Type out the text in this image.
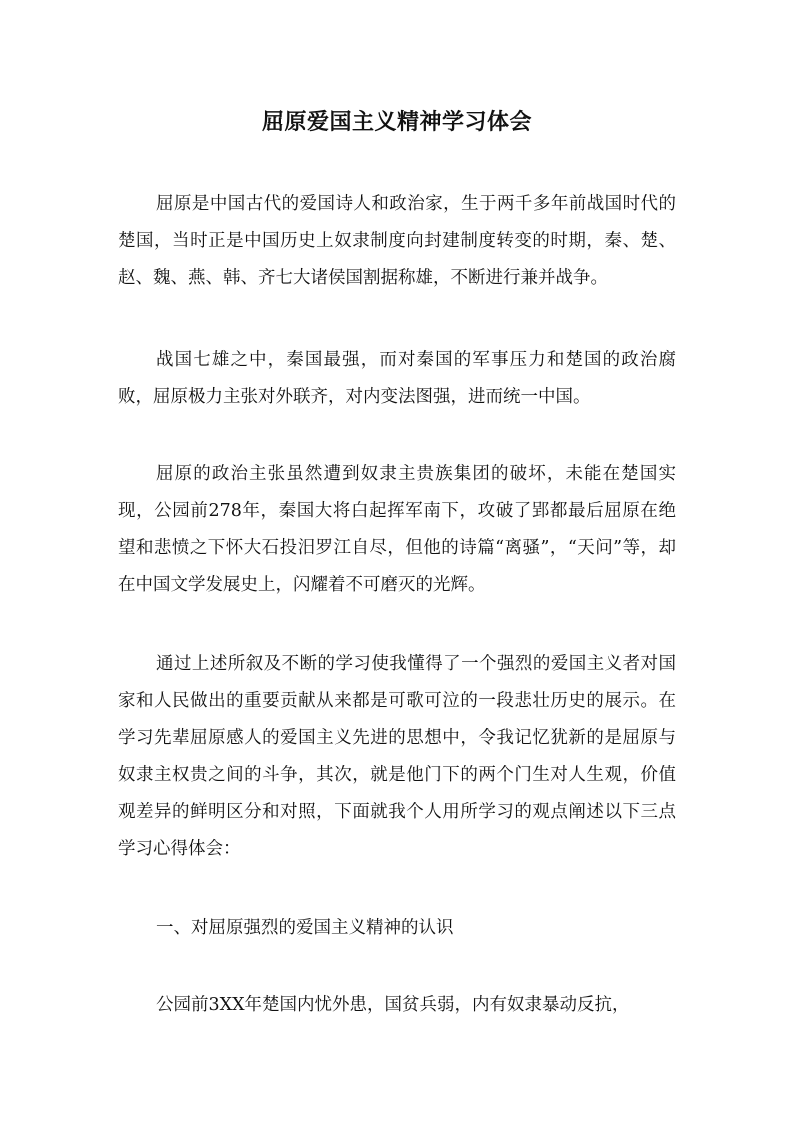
屈原爱国主义精神学习体会

屈原是中国古代的爱国诗人和政治家，生于两千多年前战国时代的楚国，当时正是中国历史上奴隶制度向封建制度转变的时期，秦、楚、赵、魏、燕、韩、齐七大诸侯国割据称雄，不断进行兼并战争。

战国七雄之中，秦国最强，而对秦国的军事压力和楚国的政治腐败，屈原极力主张对外联齐，对内变法图强，进而统一中国。

屈原的政治主张虽然遭到奴隶主贵族集团的破坏，未能在楚国实现，公园前278年，秦国大将白起挥军南下，攻破了郢都最后屈原在绝望和悲愤之下怀大石投汨罗江自尽，但他的诗篇“离骚”，“天问”等，却在中国文学发展史上，闪耀着不可磨灭的光辉。

通过上述所叙及不断的学习使我懂得了一个强烈的爱国主义者对国家和人民做出的重要贡献从来都是可歌可泣的一段悲壮历史的展示。在学习先辈屈原感人的爱国主义先进的思想中，令我记忆犹新的是屈原与奴隶主权贵之间的斗争，其次，就是他门下的两个门生对人生观，价值观差异的鲜明区分和对照，下面就我个人用所学习的观点阐述以下三点学习心得体会：

一、对屈原强烈的爱国主义精神的认识

公园前3XX年楚国内忧外患，国贫兵弱，内有奴隶暴动反抗，
